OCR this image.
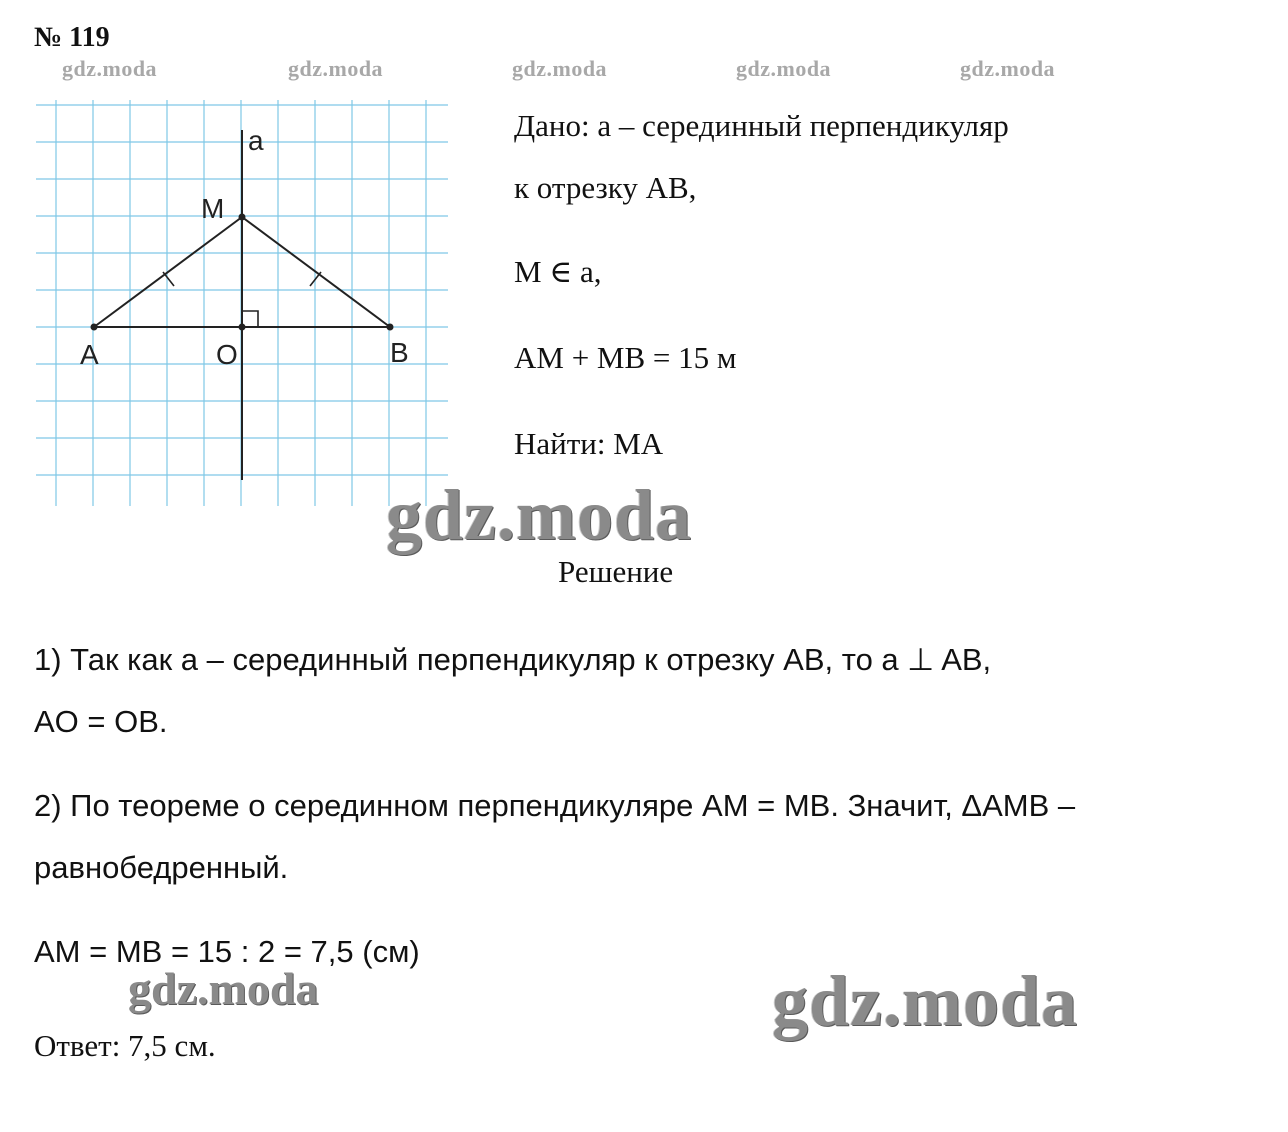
№ 119
gdz.moda	gdz.moda	gdz.moda	gdz.moda	gdz.moda
a
M
A	O	B
Дано: a – серединный перпендикуляр
к отрезку AB,
M ∈ a,
AM + MB = 15 м
Найти: MA
gdz.moda
Решение
1) Так как a – серединный перпендикуляр к отрезку AB, то a ⊥ AB,
AO = OB.
2) По теореме о серединном перпендикуляре AM = MB. Значит, ΔAMB –
равнобедренный.
AM = MB = 15 : 2 = 7,5 (см)
gdz.moda	gdz.moda
Ответ: 7,5 см.
